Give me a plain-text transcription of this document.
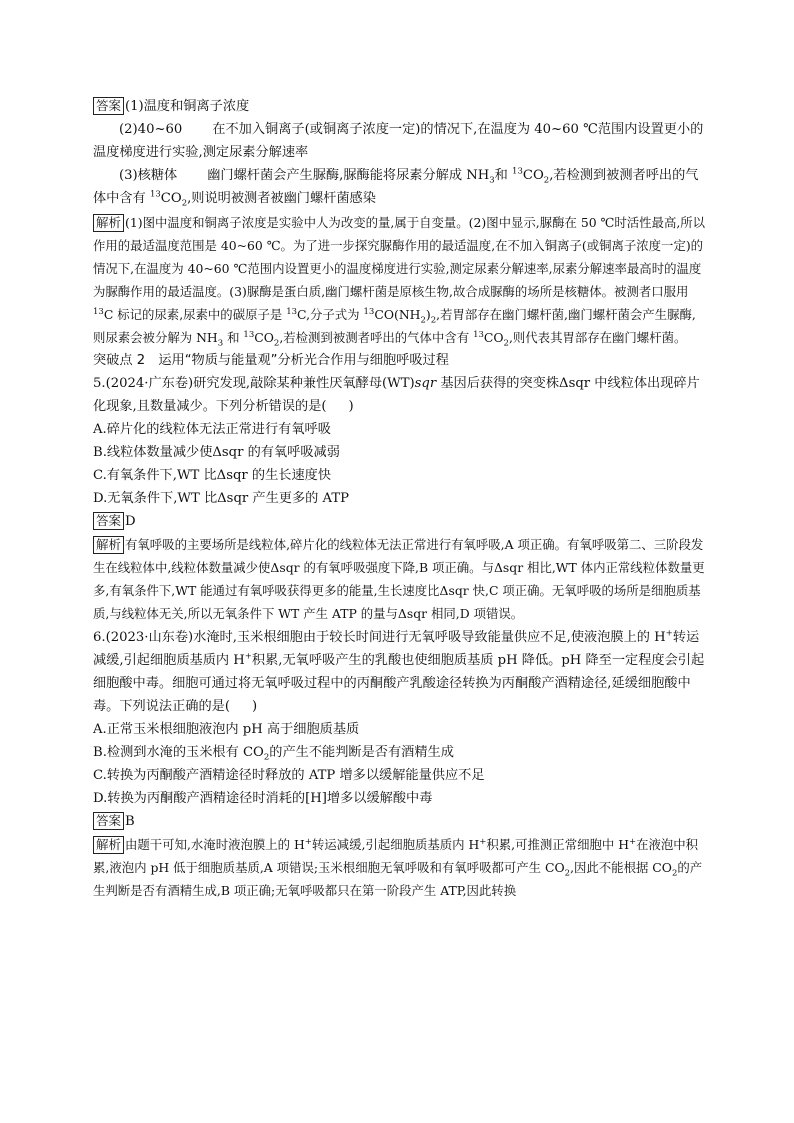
答案 (1)温度和铜离子浓度

(2)40~60 在不加入铜离子(或铜离子浓度一定)的情况下,在温度为 40~60 ℃范围内设置更小的温度梯度进行实验,测定尿素分解速率

(3)核糖体 幽门螺杆菌会产生脲酶,脲酶能将尿素分解成 $NH_3$和 $^{13}CO_2$,若检测到被测者呼出的气体中含有 $^{13}CO_2$,则说明被测者被幽门螺杆菌感染

解析 (1)图中温度和铜离子浓度是实验中人为改变的量,属于自变量。(2)图中显示,脲酶在 50 ℃时活性最高,所以作用的最适温度范围是 40~60 ℃。为了进一步探究脲酶作用的最适温度,在不加入铜离子(或铜离子浓度一定)的情况下,在温度为 40~60 ℃范围内设置更小的温度梯度进行实验,测定尿素分解速率,尿素分解速率最高时的温度为脲酶作用的最适温度。(3)脲酶是蛋白质,幽门螺杆菌是原核生物,故合成脲酶的场所是核糖体。被测者口服用 $^{13}$C 标记的尿素,尿素中的碳原子是 $^{13}$C,分子式为 $^{13}CO(NH_2)_2$,若胃部存在幽门螺杆菌,幽门螺杆菌会产生脲酶,则尿素会被分解为 $NH_3$ 和 $^{13}CO_2$,若检测到被测者呼出的气体中含有 $^{13}CO_2$,则代表其胃部存在幽门螺杆菌。

突破点 2　运用“物质与能量观”分析光合作用与细胞呼吸过程

5.(2024·广东卷)研究发现,敲除某种兼性厌氧酵母(WT)sqr 基因后获得的突变株Δsqr 中线粒体出现碎片化现象,且数量减少。下列分析错误的是( )

A.碎片化的线粒体无法正常进行有氧呼吸

B.线粒体数量减少使Δsqr 的有氧呼吸减弱

C.有氧条件下,WT 比Δsqr 的生长速度快

D.无氧条件下,WT 比Δsqr 产生更多的 ATP

答案 D

解析 有氧呼吸的主要场所是线粒体,碎片化的线粒体无法正常进行有氧呼吸,A 项正确。有氧呼吸第二、三阶段发生在线粒体中,线粒体数量减少使Δsqr 的有氧呼吸强度下降,B 项正确。与Δsqr 相比,WT 体内正常线粒体数量更多,有氧条件下,WT 能通过有氧呼吸获得更多的能量,生长速度比Δsqr 快,C 项正确。无氧呼吸的场所是细胞质基质,与线粒体无关,所以无氧条件下 WT 产生 ATP 的量与Δsqr 相同,D 项错误。

6.(2023·山东卷)水淹时,玉米根细胞由于较长时间进行无氧呼吸导致能量供应不足,使液泡膜上的 H+转运减缓,引起细胞质基质内 H+积累,无氧呼吸产生的乳酸也使细胞质基质 pH 降低。pH 降至一定程度会引起细胞酸中毒。细胞可通过将无氧呼吸过程中的丙酮酸产乳酸途径转换为丙酮酸产酒精途径,延缓细胞酸中毒。下列说法正确的是( )

A.正常玉米根细胞液泡内 pH 高于细胞质基质

B.检测到水淹的玉米根有 $CO_2$的产生不能判断是否有酒精生成

C.转换为丙酮酸产酒精途径时释放的 ATP 增多以缓解能量供应不足

D.转换为丙酮酸产酒精途径时消耗的[H]增多以缓解酸中毒

答案 B

解析 由题干可知,水淹时液泡膜上的 H+转运减缓,引起细胞质基质内 H+积累,可推测正常细胞中 H+在液泡中积累,液泡内 pH 低于细胞质基质,A 项错误;玉米根细胞无氧呼吸和有氧呼吸都可产生 $CO_2$,因此不能根据 $CO_2$的产生判断是否有酒精生成,B 项正确;无氧呼吸都只在第一阶段产生 ATP,因此转换
